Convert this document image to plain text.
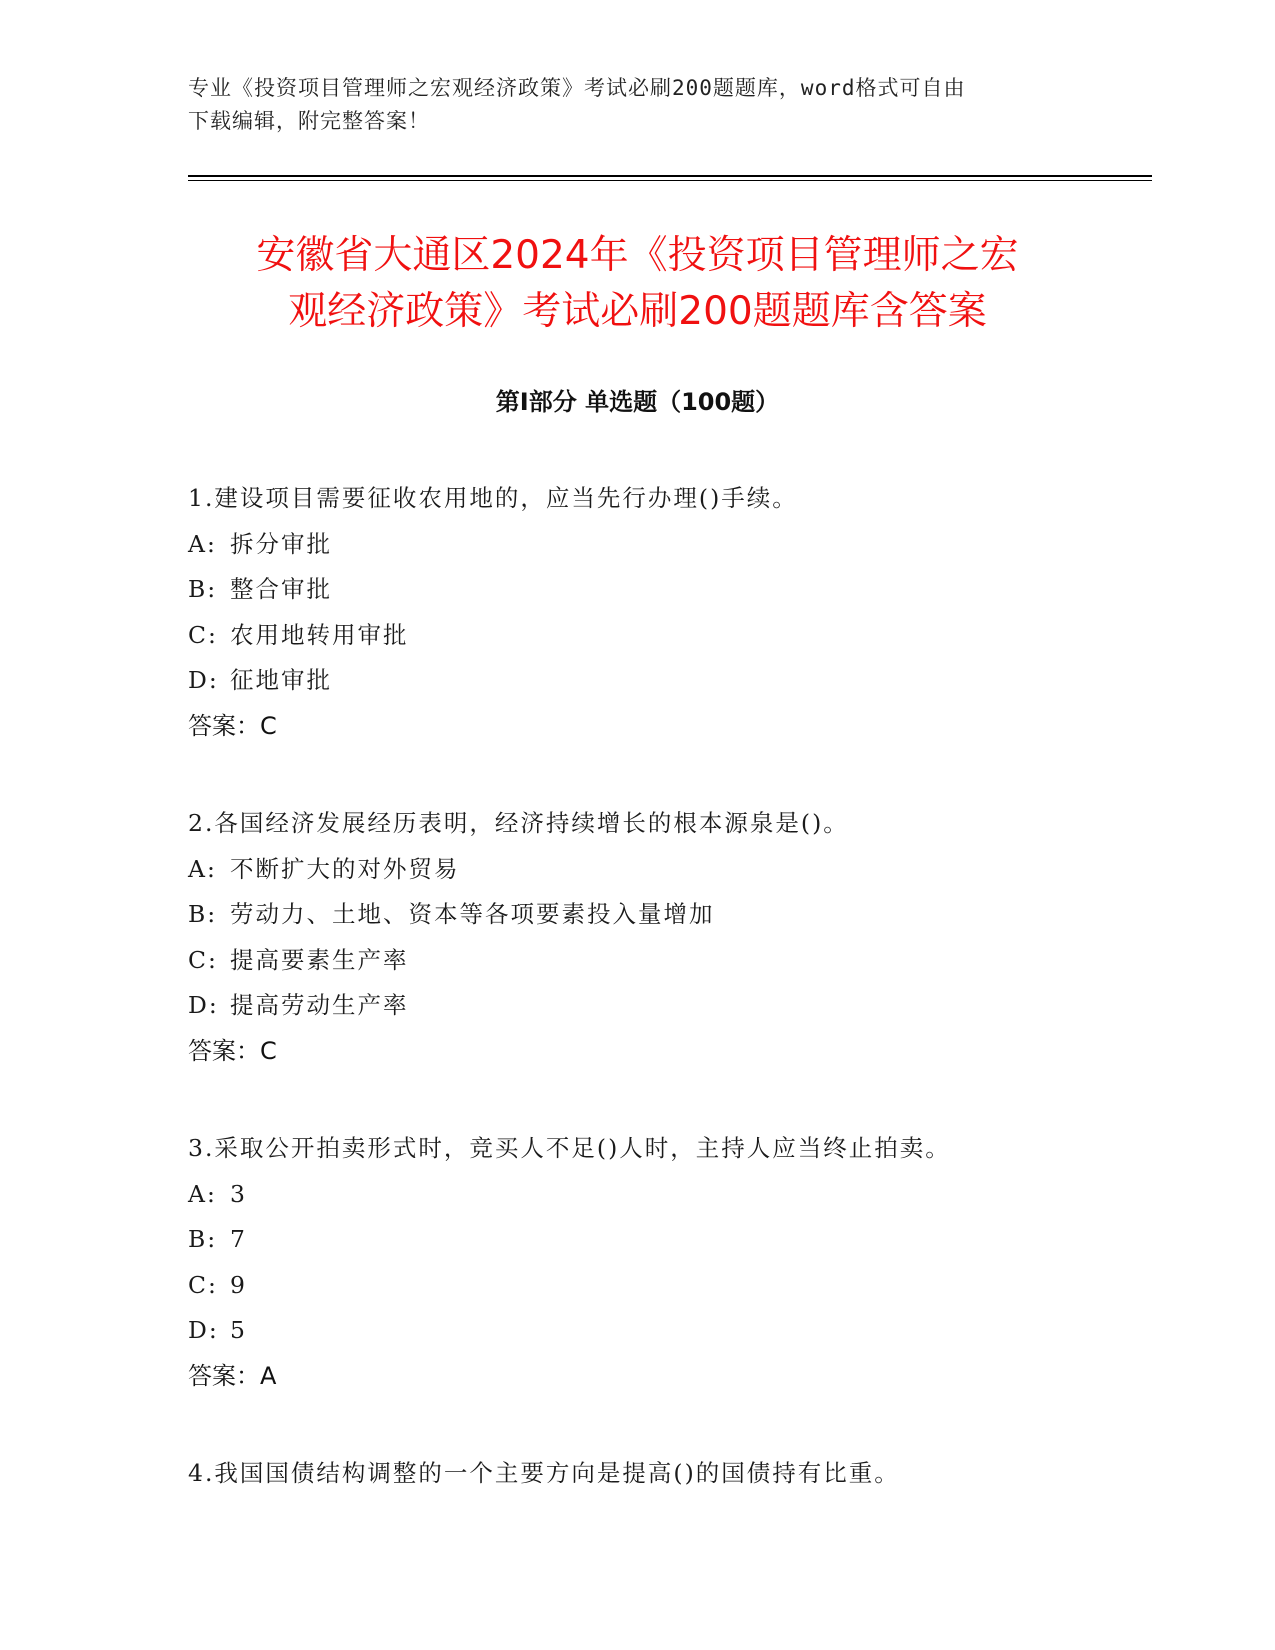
专业《投资项目管理师之宏观经济政策》考试必刷200题题库，word格式可自由
下载编辑，附完整答案！
安徽省大通区2024年《投资项目管理师之宏
观经济政策》考试必刷200题题库含答案
第Ⅰ部分 单选题（100题）
1.建设项目需要征收农用地的，应当先行办理()手续。
A: 拆分审批
B: 整合审批
C: 农用地转用审批
D: 征地审批
答案：C
2.各国经济发展经历表明，经济持续增长的根本源泉是()。
A: 不断扩大的对外贸易
B: 劳动力、土地、资本等各项要素投入量增加
C: 提高要素生产率
D: 提高劳动生产率
答案：C
3.采取公开拍卖形式时，竞买人不足()人时，主持人应当终止拍卖。
A: 3
B: 7
C: 9
D: 5
答案：A
4.我国国债结构调整的一个主要方向是提高()的国债持有比重。
